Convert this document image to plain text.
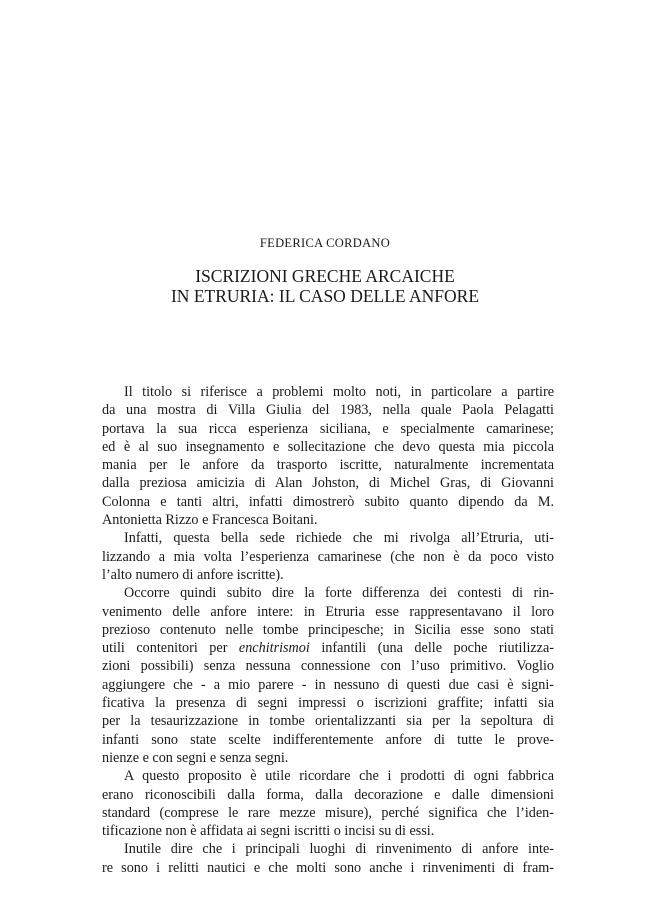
FEDERICA CORDANO
ISCRIZIONI GRECHE ARCAICHE
IN ETRURIA: IL CASO DELLE ANFORE
Il titolo si riferisce a problemi molto noti, in particolare a partire
da una mostra di Villa Giulia del 1983, nella quale Paola Pelagatti
portava la sua ricca esperienza siciliana, e specialmente camarinese;
ed è al suo insegnamento e sollecitazione che devo questa mia piccola
mania per le anfore da trasporto iscritte, naturalmente incrementata
dalla preziosa amicizia di Alan Johston, di Michel Gras, di Giovanni
Colonna e tanti altri, infatti dimostrerò subito quanto dipendo da M.
Antonietta Rizzo e Francesca Boitani.
Infatti, questa bella sede richiede che mi rivolga all’Etruria, uti-
lizzando a mia volta l’esperienza camarinese (che non è da poco visto
l’alto numero di anfore iscritte).
Occorre quindi subito dire la forte differenza dei contesti di rin-
venimento delle anfore intere: in Etruria esse rappresentavano il loro
prezioso contenuto nelle tombe principesche; in Sicilia esse sono stati
utili contenitori per enchitrismoi infantili (una delle poche riutilizza-
zioni possibili) senza nessuna connessione con l’uso primitivo. Voglio
aggiungere che - a mio parere - in nessuno di questi due casi è signi-
ficativa la presenza di segni impressi o iscrizioni graffite; infatti sia
per la tesaurizzazione in tombe orientalizzanti sia per la sepoltura di
infanti sono state scelte indifferentemente anfore di tutte le prove-
nienze e con segni e senza segni.
A questo proposito è utile ricordare che i prodotti di ogni fabbrica
erano riconoscibili dalla forma, dalla decorazione e dalle dimensioni
standard (comprese le rare mezze misure), perché significa che l’iden-
tificazione non è affidata ai segni iscritti o incisi su di essi.
Inutile dire che i principali luoghi di rinvenimento di anfore inte-
re sono i relitti nautici e che molti sono anche i rinvenimenti di fram-
